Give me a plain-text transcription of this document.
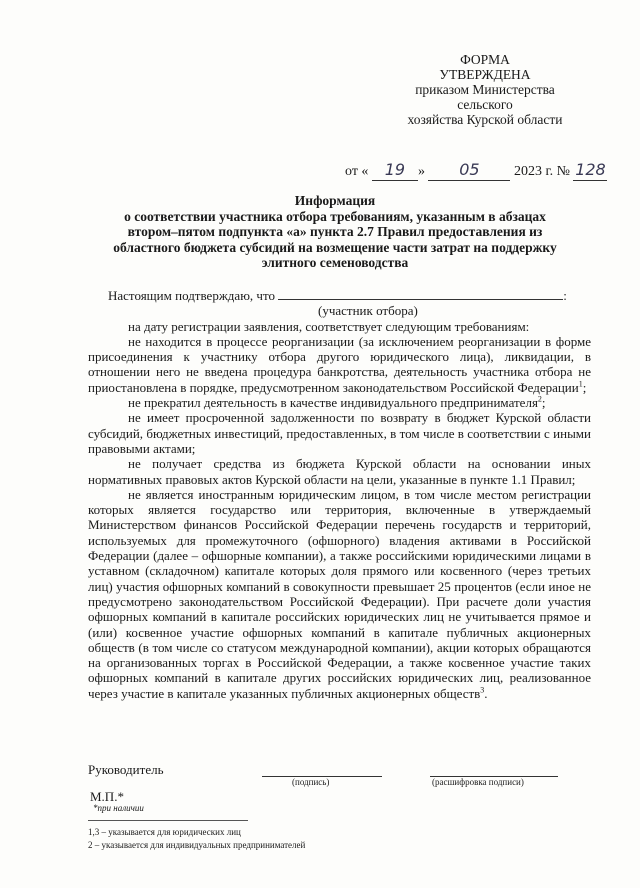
ФОРМА
УТВЕРЖДЕНА
приказом Министерства
сельского
хозяйства Курской области
от « 19 » 05 2023 г. № 128
Информация
о соответствии участника отбора требованиям, указанным в абзацах
втором–пятом подпункта «а» пункта 2.7 Правил предоставления из
областного бюджета субсидий на возмещение части затрат на поддержку
элитного семеноводства

Настоящим подтверждаю, что	:

(участник отбора)

на дату регистрации заявления, соответствует следующим требованиям:

не находится в процессе реорганизации (за исключением реорганизации в форме присоединения к участнику отбора другого юридического лица), ликвидации, в отношении него не введена процедура банкротства, деятельность участника отбора не приостановлена в порядке, предусмотренном законодательством Российской Федерации$^1$;

не прекратил деятельность в качестве индивидуального предпринимателя$^2$;

не имеет просроченной задолженности по возврату в бюджет Курской области субсидий, бюджетных инвестиций, предоставленных, в том числе в соответствии с иными правовыми актами;

не получает средства из бюджета Курской области на основании иных нормативных правовых актов Курской области на цели, указанные в пункте 1.1 Правил;

не является иностранным юридическим лицом, в том числе местом регистрации которых является государство или территория, включенные в утверждаемый Министерством финансов Российской Федерации перечень государств и территорий, используемых для промежуточного (офшорного) владения активами в Российской Федерации (далее – офшорные компании), а также российскими юридическими лицами в уставном (складочном) капитале которых доля прямого или косвенного (через третьих лиц) участия офшорных компаний в совокупности превышает 25 процентов (если иное не предусмотрено законодательством Российской Федерации). При расчете доли участия офшорных компаний в капитале российских юридических лиц не учитывается прямое и (или) косвенное участие офшорных компаний в капитале публичных акционерных обществ (в том числе со статусом международной компании), акции которых обращаются на организованных торгах в Российской Федерации, а также косвенное участие таких офшорных компаний в капитале других российских юридических лиц, реализованное через участие в капитале указанных публичных акционерных обществ$^3$.

Руководитель
(подпись)	(расшифровка подписи)
М.П.*
*при наличии
1,3 – указывается для юридических лиц
2 – указывается для индивидуальных предпринимателей
